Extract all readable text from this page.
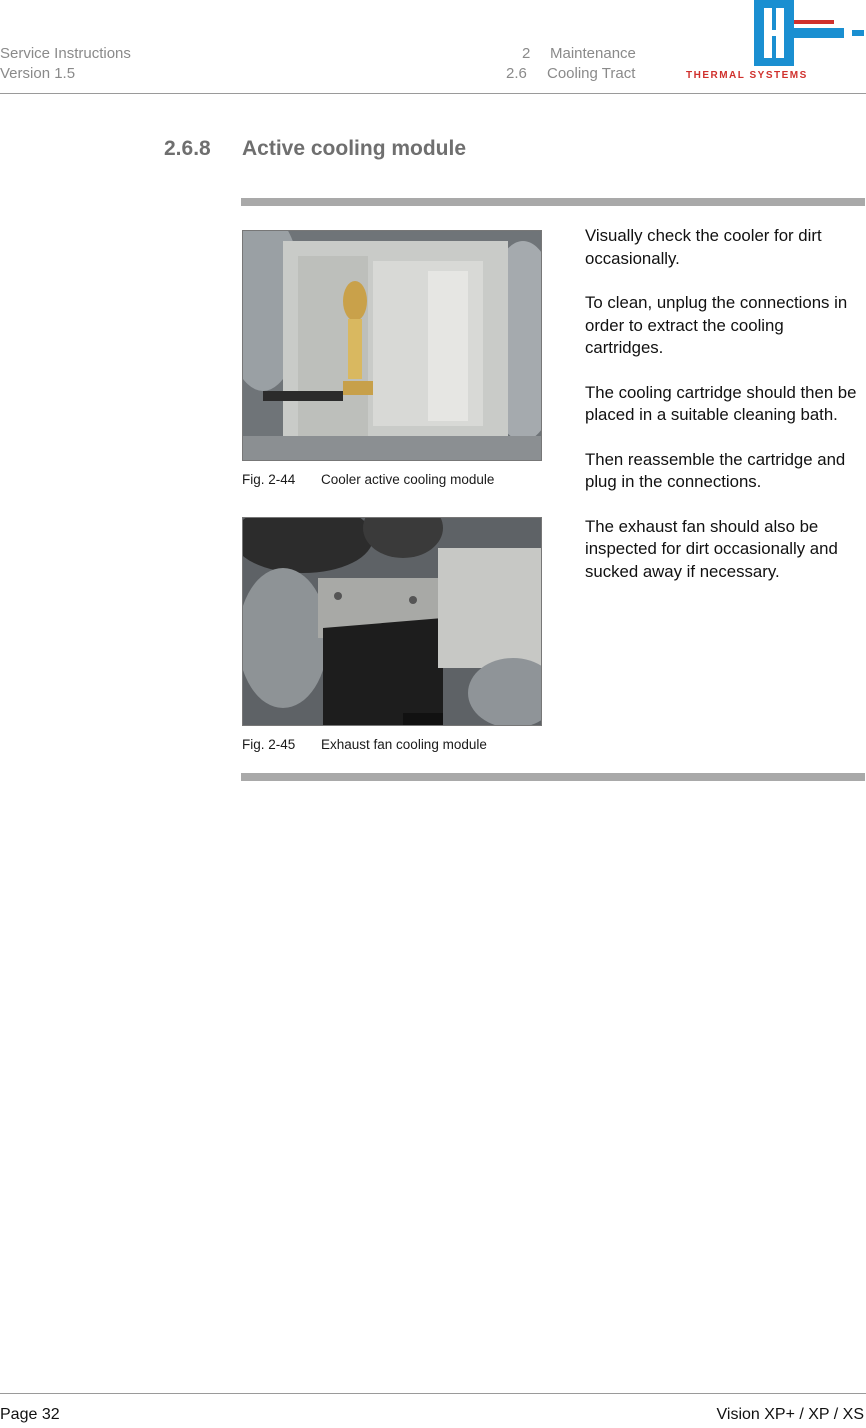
Service Instructions
Version 1.5
2 Maintenance
2.6 Cooling Tract	THERMAL SYSTEMS
2.6.8 Active cooling module
Fig. 2-44 Cooler active cooling module
Fig. 2-45 Exhaust fan cooling module

Visually check the cooler for dirt occasionally.

To clean, unplug the connections in order to extract the cooling cartridges.

The cooling cartridge should then be placed in a suitable cleaning bath.

Then reassemble the cartridge and plug in the connections.

The exhaust fan should also be inspected for dirt occasionally and sucked away if necessary.

Page 32	Vision XP+ / XP / XS
